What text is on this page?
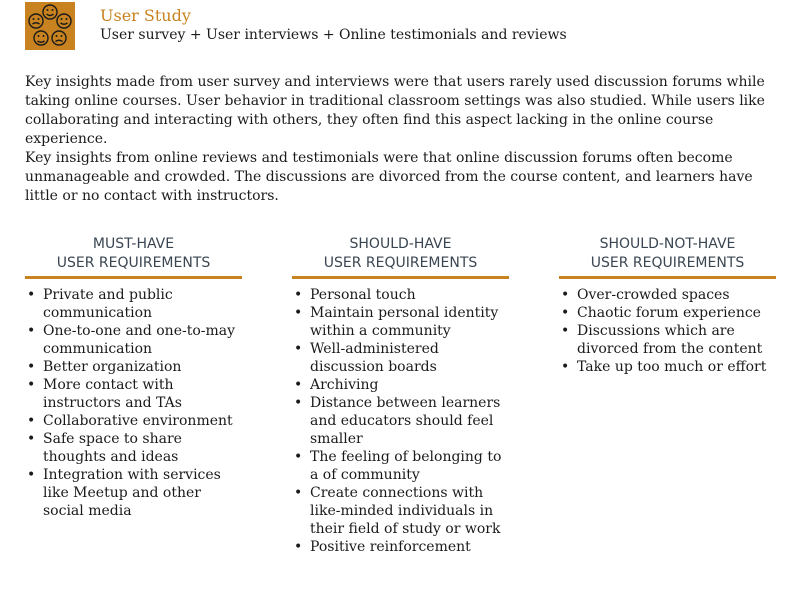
User Study
User survey + User interviews + Online testimonials and reviews

Key insights made from user survey and interviews were that users rarely used discussion forums while taking online courses. User behavior in traditional classroom settings was also studied. While users like collaborating and interacting with others, they often find this aspect lacking in the online course experience.

Key insights from online reviews and testimonials were that online discussion forums often become unmanageable and crowded. The discussions are divorced from the course content, and learners have little or no contact with instructors.

MUST-HAVE
USER REQUIREMENTS
• Private and public communication
• One-to-one and one-to-may communication
• Better organization
• More contact with instructors and TAs
• Collaborative environment
• Safe space to share thoughts and ideas
• Integration with services like Meetup and other social media
SHOULD-HAVE
USER REQUIREMENTS
• Personal touch
• Maintain personal identity within a community
• Well-administered discussion boards
• Archiving
• Distance between learners and educators should feel smaller
• The feeling of belonging to a of community
• Create connections with like-minded individuals in their field of study or work
• Positive reinforcement
SHOULD-NOT-HAVE
USER REQUIREMENTS
• Over-crowded spaces
• Chaotic forum experience
• Discussions which are divorced from the content
• Take up too much or effort
